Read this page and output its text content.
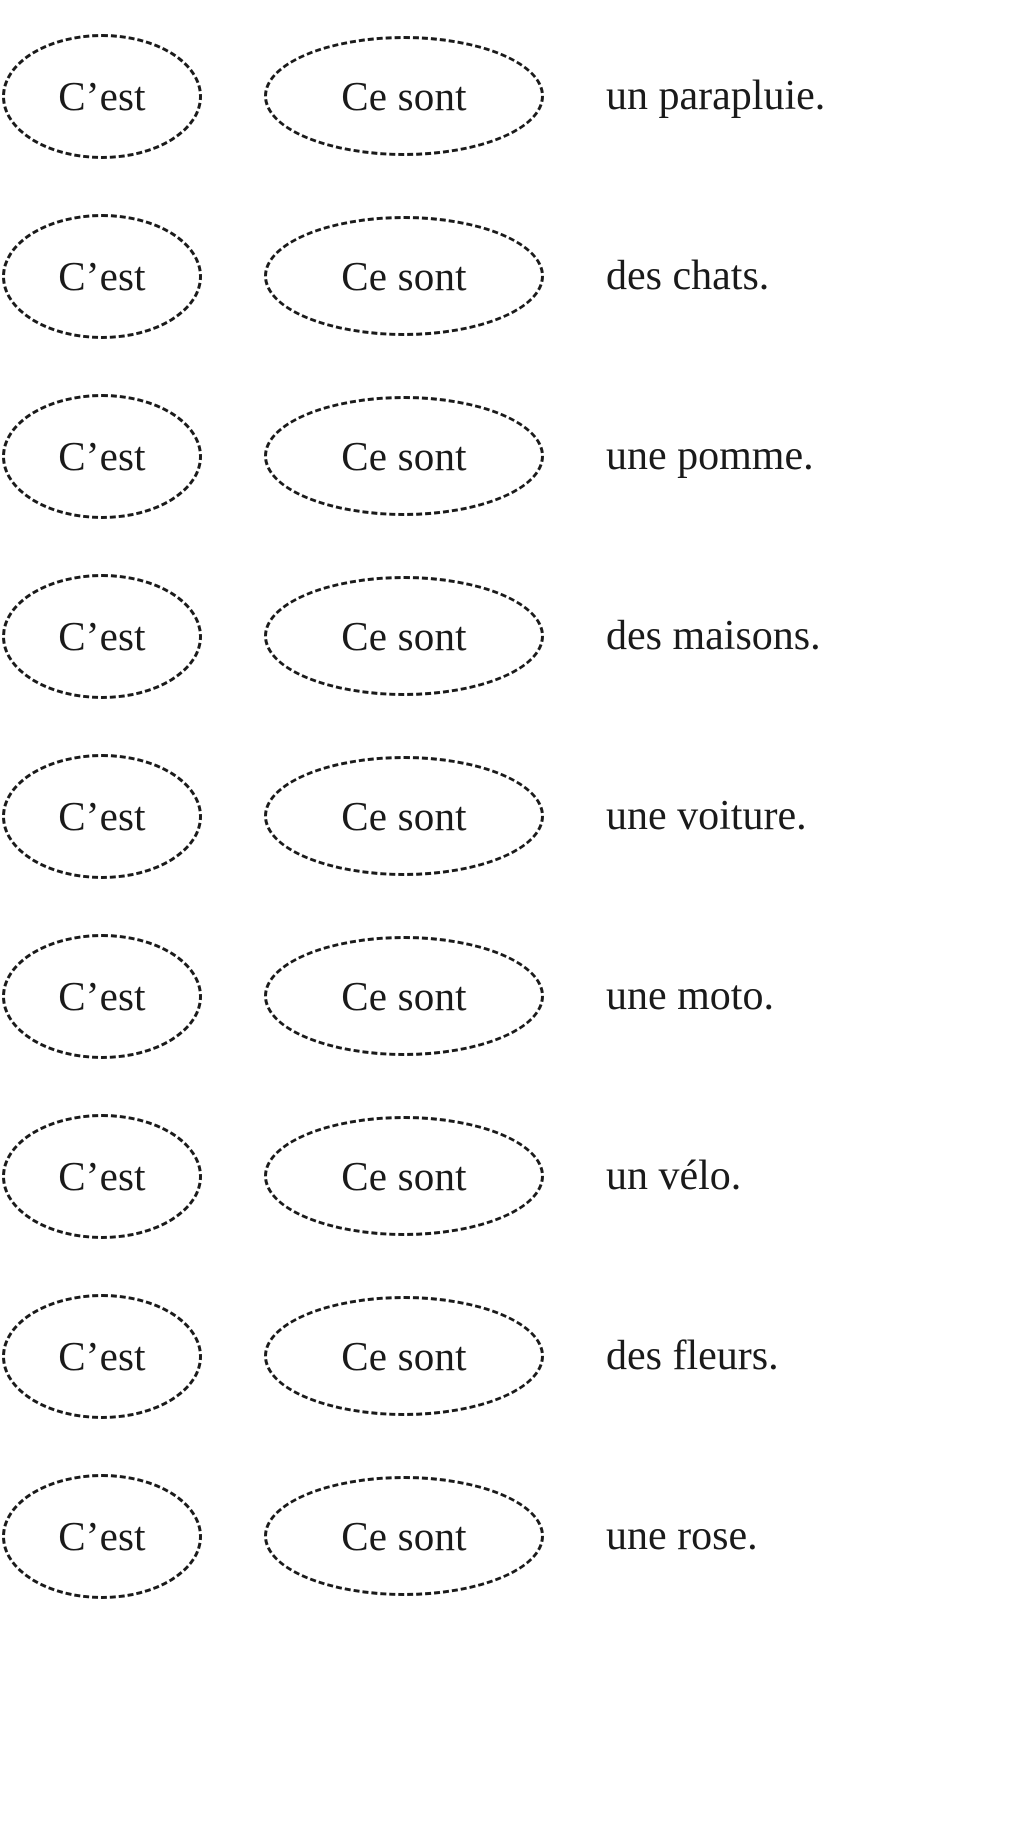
C’est	Ce sont	un parapluie.
C’est	Ce sont	des chats.
C’est	Ce sont	une pomme.
C’est	Ce sont	des maisons.
C’est	Ce sont	une voiture.
C’est	Ce sont	une moto.
C’est	Ce sont	un vélo.
C’est	Ce sont	des fleurs.
C’est	Ce sont	une rose.
